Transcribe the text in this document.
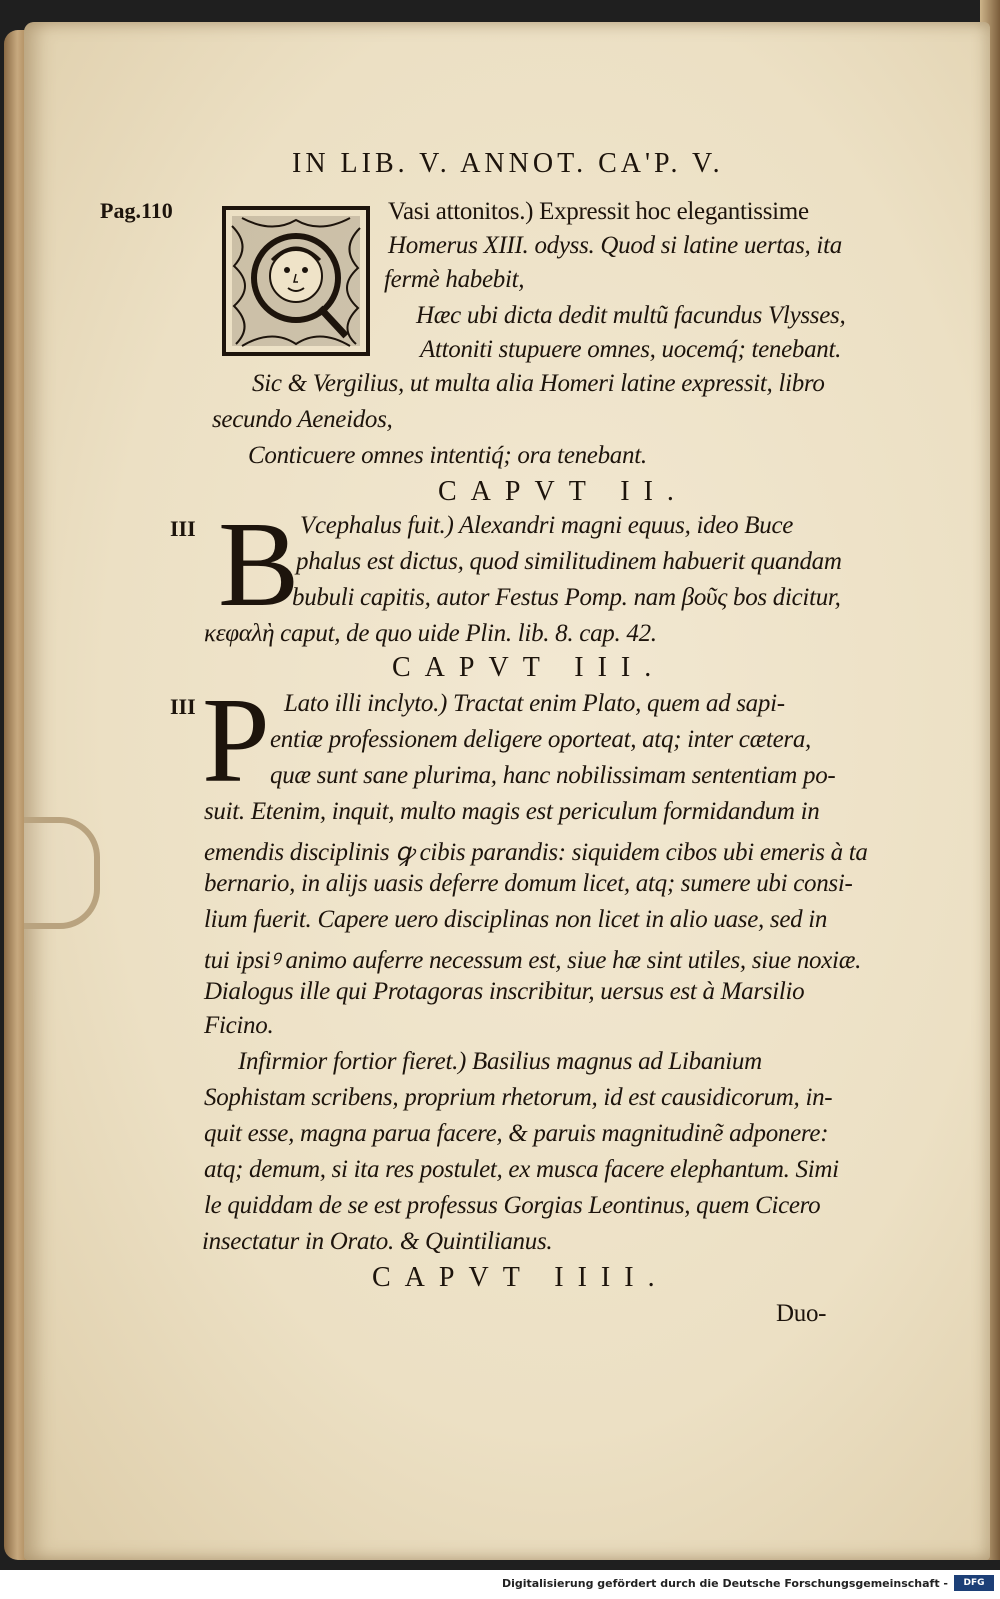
IN LIB. V. ANNOT. CA'P. V.
Pag.110	Vasi attonitos.) Expressit hoc elegantissime
Homerus XIII. odyss. Quod si latine uertas, ita
fermè habebit,
Hæc ubi dicta dedit multũ facundus Vlysses,
Attoniti stupuere omnes, uocemq́; tenebant.
Sic & Vergilius, ut multa alia Homeri latine expressit, libro
secundo Aeneidos,
Conticuere omnes intentiq́; ora tenebant.
CAPVT II.
III B Vcephalus fuit.) Alexandri magni equus, ideo Buce
phalus est dictus, quod similitudinem habuerit quandam
bubuli capitis, autor Festus Pomp. nam βοῦς bos dicitur,
κεφαλὴ caput, de quo uide Plin. lib. 8. cap. 42.
CAPVT III.
III P Lato illi inclyto.) Tractat enim Plato, quem ad sapi-
entiæ professionem deligere oporteat, atq; inter cætera,
quæ sunt sane plurima, hanc nobilissimam sententiam po-
suit. Etenim, inquit, multo magis est periculum formidandum in
emendis disciplinis ꝙ cibis parandis: siquidem cibos ubi emeris à ta
bernario, in alijs uasis deferre domum licet, atq; sumere ubi consi-
lium fuerit. Capere uero disciplinas non licet in alio uase, sed in
tui ipsiꝰ animo auferre necessum est, siue hæ sint utiles, siue noxiæ.
Dialogus ille qui Protagoras inscribitur, uersus est à Marsilio
Ficino.
Infirmior fortior fieret.) Basilius magnus ad Libanium
Sophistam scribens, proprium rhetorum, id est causidicorum, in-
quit esse, magna parua facere, & paruis magnitudinẽ adponere:
atq; demum, si ita res postulet, ex musca facere elephantum. Simi
le quiddam de se est professus Gorgias Leontinus, quem Cicero
insectatur in Orato. & Quintilianus.
CAPVT IIII.
Duo-
Digitalisierung gefördert durch die Deutsche Forschungsgemeinschaft -	DFG
